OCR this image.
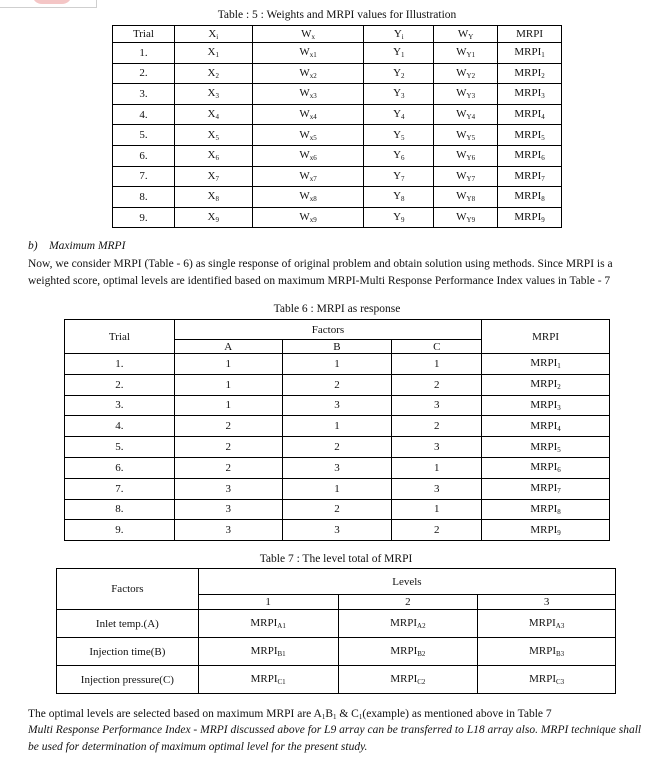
Table : 5 : Weights and MRPI values for Illustration
Trial	$X_i$	$W_x$	$Y_i$	$W_Y$	MRPI
1.	$X_1$	$W_{x1}$	$Y_1$	$W_{Y1}$	$MRPI_1$
2.	$X_2$	$W_{x2}$	$Y_2$	$W_{Y2}$	$MRPI_2$
3.	$X_3$	$W_{x3}$	$Y_3$	$W_{Y3}$	$MRPI_3$
4.	$X_4$	$W_{x4}$	$Y_4$	$W_{Y4}$	$MRPI_4$
5.	$X_5$	$W_{x5}$	$Y_5$	$W_{Y5}$	$MRPI_5$
6.	$X_6$	$W_{x6}$	$Y_6$	$W_{Y6}$	$MRPI_6$
7.	$X_7$	$W_{x7}$	$Y_7$	$W_{Y7}$	$MRPI_7$
8.	$X_8$	$W_{x8}$	$Y_8$	$W_{Y8}$	$MRPI_8$
9.	$X_9$	$W_{x9}$	$Y_9$	$W_{Y9}$	$MRPI_9$
b)    Maximum MRPI
Now, we consider MRPI (Table - 6) as single response of original problem and obtain solution using methods. Since MRPI is a weighted score, optimal levels are identified based on maximum MRPI-Multi Response Performance Index values in Table - 7
Table 6 : MRPI as response
Trial	Factors			MRPI
	A	B	C	
1.	1	1	1	$MRPI_1$
2.	1	2	2	$MRPI_2$
3.	1	3	3	$MRPI_3$
4.	2	1	2	$MRPI_4$
5.	2	2	3	$MRPI_5$
6.	2	3	1	$MRPI_6$
7.	3	1	3	$MRPI_7$
8.	3	2	1	$MRPI_8$
9.	3	3	2	$MRPI_9$
Table 7 : The level total of MRPI
Factors	Levels		
	1	2	3
Inlet temp.(A)	$MRPI_{A1}$	$MRPI_{A2}$	$MRPI_{A3}$
Injection time(B)	$MRPI_{B1}$	$MRPI_{B2}$	$MRPI_{B3}$
Injection pressure(C)	$MRPI_{C1}$	$MRPI_{C2}$	$MRPI_{C3}$
The optimal levels are selected based on maximum MRPI are $A_1B_1$ & $C_1(example)$ as mentioned above in Table 7
Multi Response Performance Index - MRPI discussed above for L9 array can be transferred to L18 array also. MRPI technique shall be used for determination of maximum optimal level for the present study.
